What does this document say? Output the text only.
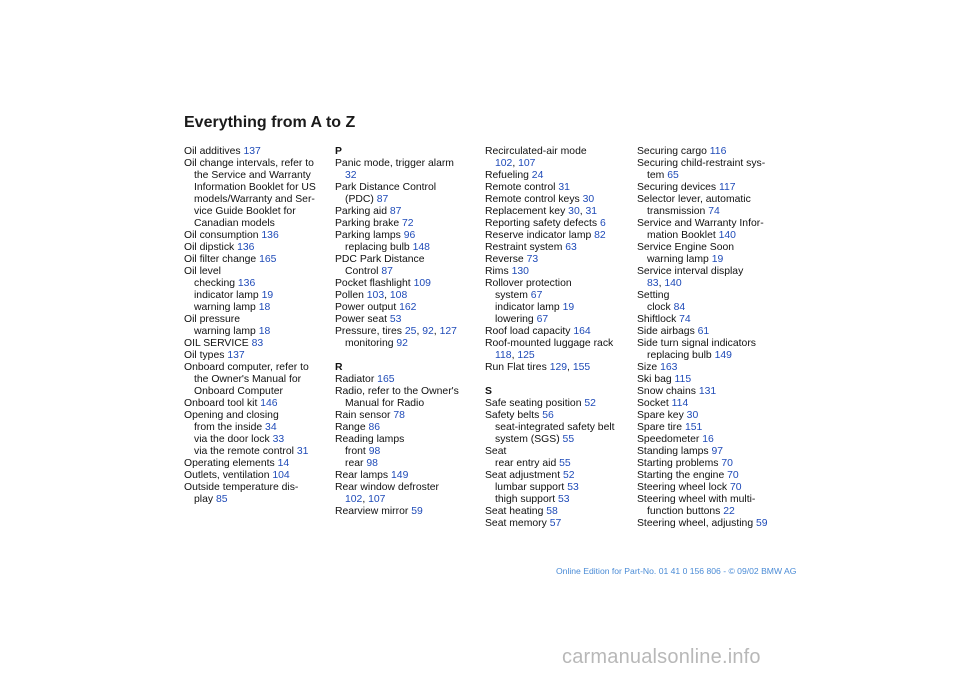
Everything from A to Z
Oil additives 137
Oil change intervals, refer to
the Service and Warranty
Information Booklet for US
models/Warranty and Ser-
vice Guide Booklet for
Canadian models
Oil consumption 136
Oil dipstick 136
Oil filter change 165
Oil level
checking 136
indicator lamp 19
warning lamp 18
Oil pressure
warning lamp 18
OIL SERVICE 83
Oil types 137
Onboard computer, refer to
the Owner's Manual for
Onboard Computer
Onboard tool kit 146
Opening and closing
from the inside 34
via the door lock 33
via the remote control 31
Operating elements 14
Outlets, ventilation 104
Outside temperature dis-
play 85
P
Panic mode, trigger alarm
32
Park Distance Control
(PDC) 87
Parking aid 87
Parking brake 72
Parking lamps 96
replacing bulb 148
PDC Park Distance
Control 87
Pocket flashlight 109
Pollen 103, 108
Power output 162
Power seat 53
Pressure, tires 25, 92, 127
monitoring 92
R
Radiator 165
Radio, refer to the Owner's
Manual for Radio
Rain sensor 78
Range 86
Reading lamps
front 98
rear 98
Rear lamps 149
Rear window defroster
102, 107
Rearview mirror 59
Recirculated-air mode
102, 107
Refueling 24
Remote control 31
Remote control keys 30
Replacement key 30, 31
Reporting safety defects 6
Reserve indicator lamp 82
Restraint system 63
Reverse 73
Rims 130
Rollover protection
system 67
indicator lamp 19
lowering 67
Roof load capacity 164
Roof-mounted luggage rack
118, 125
Run Flat tires 129, 155
S
Safe seating position 52
Safety belts 56
seat-integrated safety belt
system (SGS) 55
Seat
rear entry aid 55
Seat adjustment 52
lumbar support 53
thigh support 53
Seat heating 58
Seat memory 57
Securing cargo 116
Securing child-restraint sys-
tem 65
Securing devices 117
Selector lever, automatic
transmission 74
Service and Warranty Infor-
mation Booklet 140
Service Engine Soon
warning lamp 19
Service interval display
83, 140
Setting
clock 84
Shiftlock 74
Side airbags 61
Side turn signal indicators
replacing bulb 149
Size 163
Ski bag 115
Snow chains 131
Socket 114
Spare key 30
Spare tire 151
Speedometer 16
Standing lamps 97
Starting problems 70
Starting the engine 70
Steering wheel lock 70
Steering wheel with multi-
function buttons 22
Steering wheel, adjusting 59
Online Edition for Part-No. 01 41 0 156 806 - © 09/02 BMW AG
carmanualsonline.info
